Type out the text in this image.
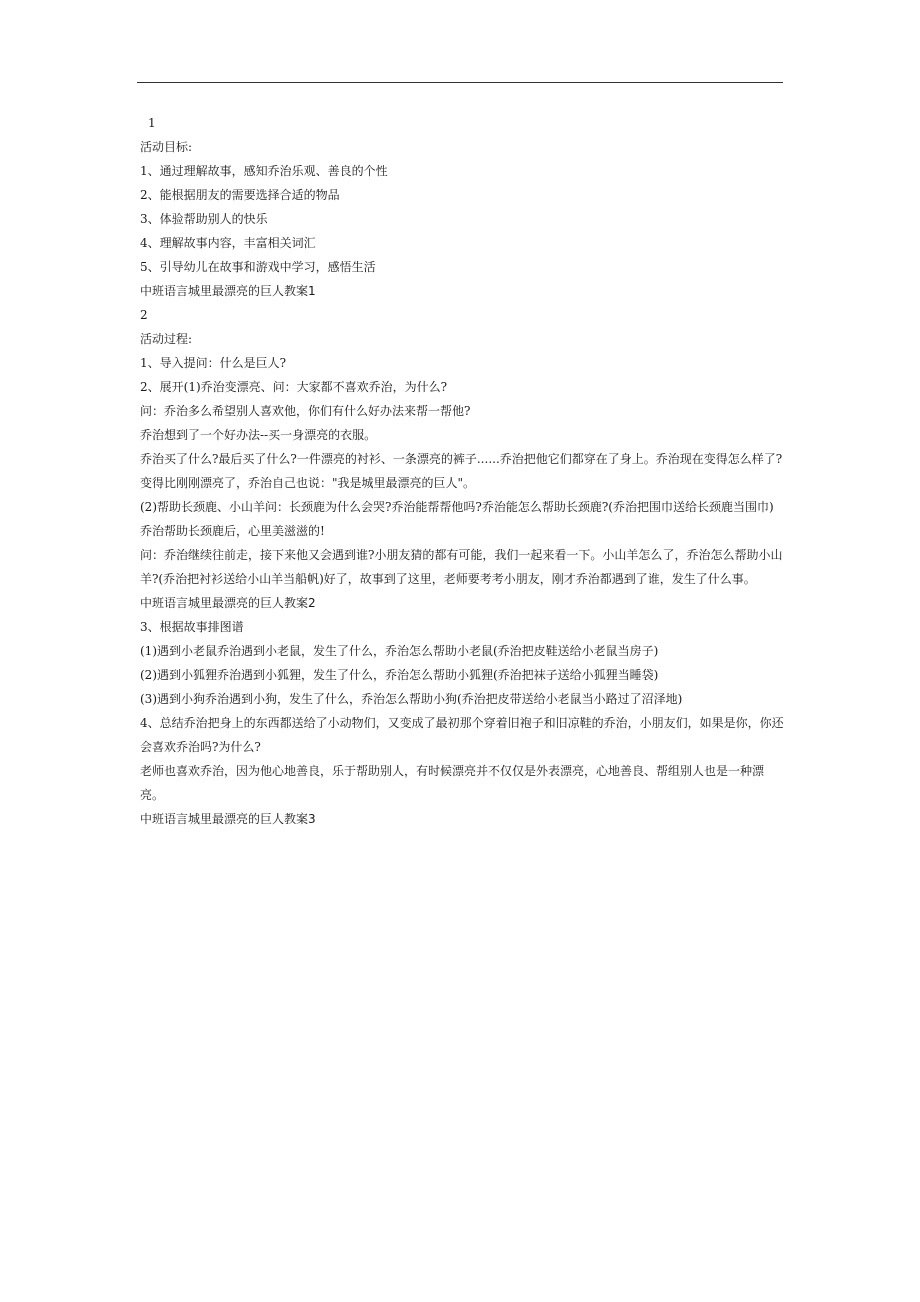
1
活动目标:
1、通过理解故事，感知乔治乐观、善良的个性
2、能根据朋友的需要选择合适的物品
3、体验帮助别人的快乐
4、理解故事内容，丰富相关词汇
5、引导幼儿在故事和游戏中学习，感悟生活
中班语言城里最漂亮的巨人教案1
2
活动过程:
1、导入提问：什么是巨人?
2、展开(1)乔治变漂亮、问：大家都不喜欢乔治，为什么?
问：乔治多么希望别人喜欢他，你们有什么好办法来帮一帮他?
乔治想到了一个好办法--买一身漂亮的衣服。
乔治买了什么?最后买了什么?一件漂亮的衬衫、一条漂亮的裤子......乔治把他它们都穿在了身上。乔治现在变得怎么样了?变得比刚刚漂亮了，乔治自己也说："我是城里最漂亮的巨人"。
(2)帮助长颈鹿、小山羊问：长颈鹿为什么会哭?乔治能帮帮他吗?乔治能怎么帮助长颈鹿?(乔治把围巾送给长颈鹿当围巾)
乔治帮助长颈鹿后，心里美滋滋的!
问：乔治继续往前走，接下来他又会遇到谁?小朋友猜的都有可能，我们一起来看一下。小山羊怎么了，乔治怎么帮助小山羊?(乔治把衬衫送给小山羊当船帆)好了，故事到了这里，老师要考考小朋友，刚才乔治都遇到了谁，发生了什么事。
中班语言城里最漂亮的巨人教案2
3、根据故事排图谱
(1)遇到小老鼠乔治遇到小老鼠，发生了什么，乔治怎么帮助小老鼠(乔治把皮鞋送给小老鼠当房子)
(2)遇到小狐狸乔治遇到小狐狸，发生了什么，乔治怎么帮助小狐狸(乔治把袜子送给小狐狸当睡袋)
(3)遇到小狗乔治遇到小狗，发生了什么，乔治怎么帮助小狗(乔治把皮带送给小老鼠当小路过了沼泽地)
4、总结乔治把身上的东西都送给了小动物们，又变成了最初那个穿着旧袍子和旧凉鞋的乔治，小朋友们，如果是你，你还会喜欢乔治吗?为什么?
老师也喜欢乔治，因为他心地善良，乐于帮助别人，有时候漂亮并不仅仅是外表漂亮，心地善良、帮组别人也是一种漂亮。
中班语言城里最漂亮的巨人教案3
